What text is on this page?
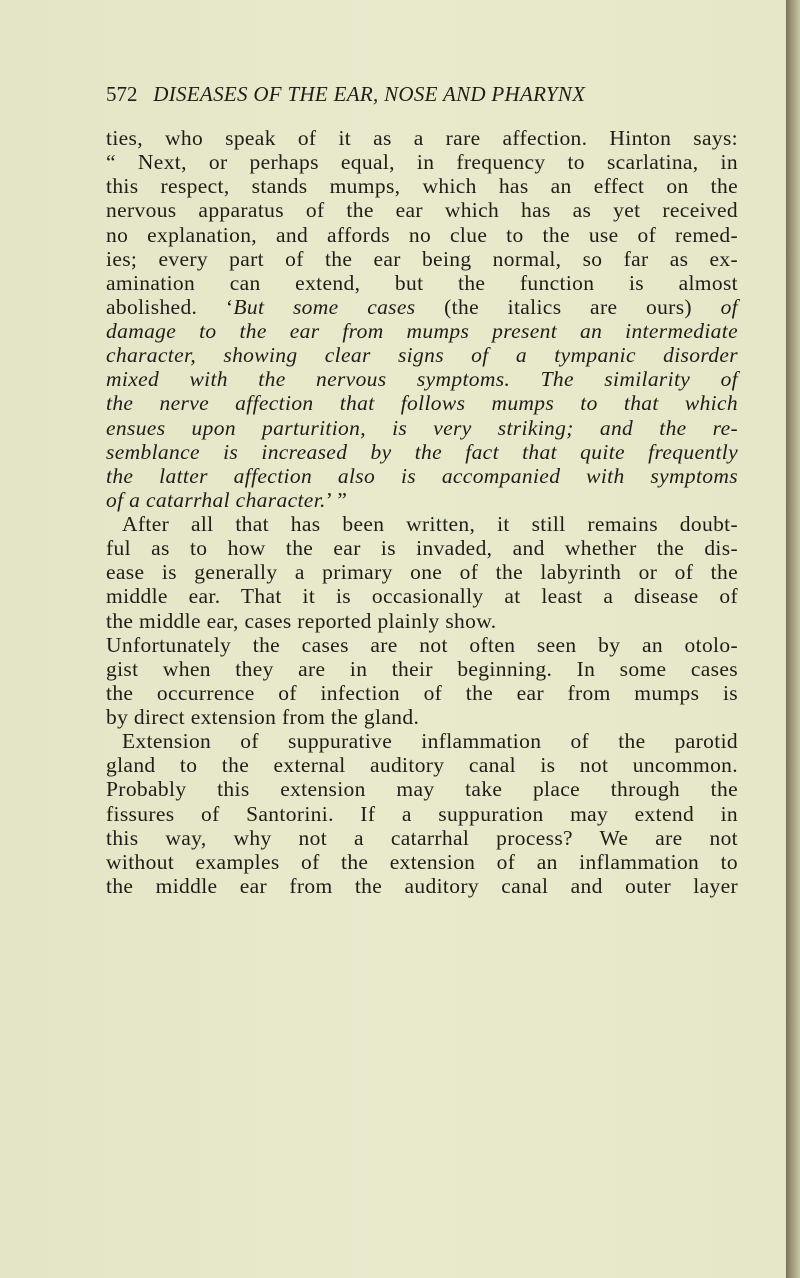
572 DISEASES OF THE EAR, NOSE AND PHARYNX
ties, who speak of it as a rare affection. Hinton says:
“ Next, or perhaps equal, in frequency to scarlatina, in
this respect, stands mumps, which has an effect on the
nervous apparatus of the ear which has as yet received
no explanation, and affords no clue to the use of remed-
ies; every part of the ear being normal, so far as ex-
amination can extend, but the function is almost
abolished. ‘But some cases (the italics are ours) of
damage to the ear from mumps present an intermediate
character, showing clear signs of a tympanic disorder
mixed with the nervous symptoms. The similarity of
the nerve affection that follows mumps to that which
ensues upon parturition, is very striking; and the re-
semblance is increased by the fact that quite frequently
the latter affection also is accompanied with symptoms
of a catarrhal character.’ ”
After all that has been written, it still remains doubt-
ful as to how the ear is invaded, and whether the dis-
ease is generally a primary one of the labyrinth or of the
middle ear. That it is occasionally at least a disease of
the middle ear, cases reported plainly show.
Unfortunately the cases are not often seen by an otolo-
gist when they are in their beginning. In some cases
the occurrence of infection of the ear from mumps is
by direct extension from the gland.
Extension of suppurative inflammation of the parotid
gland to the external auditory canal is not uncommon.
Probably this extension may take place through the
fissures of Santorini. If a suppuration may extend in
this way, why not a catarrhal process? We are not
without examples of the extension of an inflammation to
the middle ear from the auditory canal and outer layer
